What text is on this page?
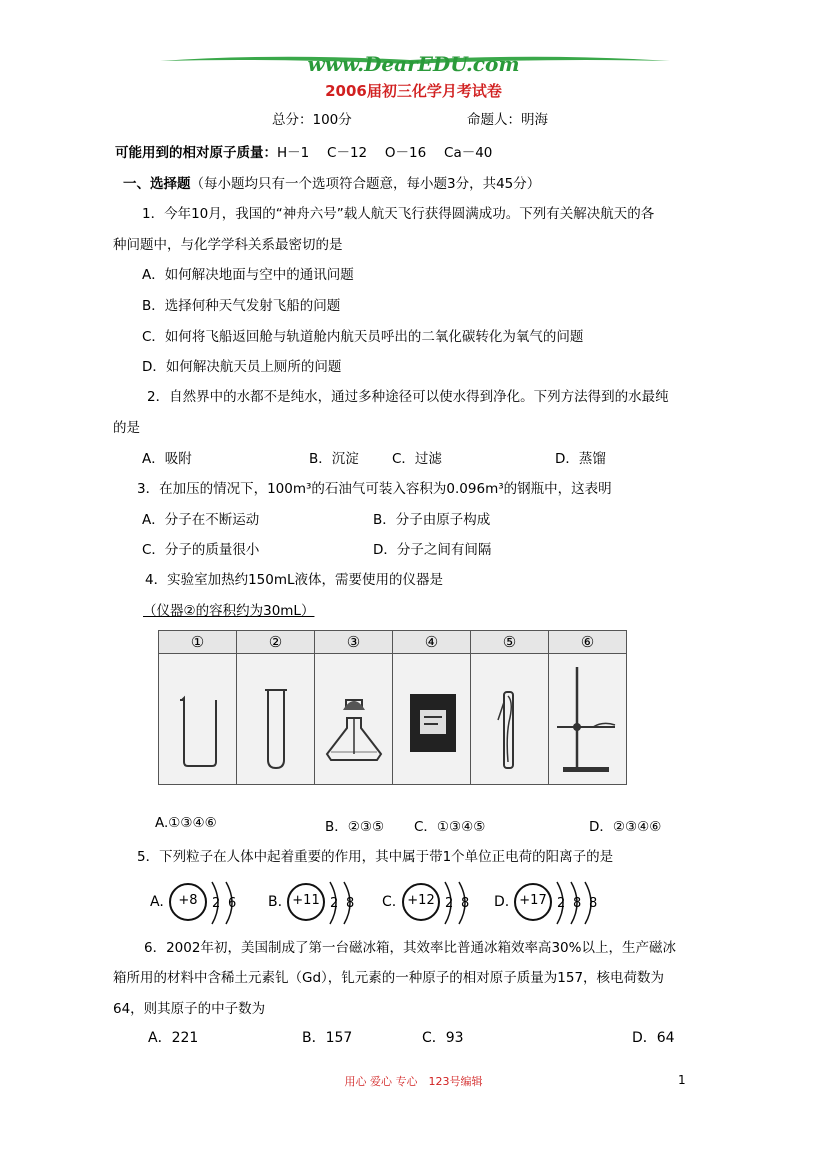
www.DearEDU.com
2006届初三化学月考试卷
总分：100分	命题人：明海
可能用到的相对原子质量：H－1　 C－12　 O－16　 Ca－40
一、选择题（每小题均只有一个选项符合题意，每小题3分，共45分）
1．今年10月，我国的“神舟六号”载人航天飞行获得圆满成功。下列有关解决航天的各
种问题中，与化学学科关系最密切的是
A．如何解决地面与空中的通讯问题
B．选择何种天气发射飞船的问题
C．如何将飞船返回舱与轨道舱内航天员呼出的二氧化碳转化为氧气的问题
D．如何解决航天员上厕所的问题
2．自然界中的水都不是纯水，通过多种途径可以使水得到净化。下列方法得到的水最纯
的是
A．吸附	B．沉淀 C．过滤	D．蒸馏
3．在加压的情况下，100m³的石油气可装入容积为0.096m³的钢瓶中，这表明
A．分子在不断运动	B．分子由原子构成
C．分子的质量很小	D．分子之间有间隔
4．实验室加热约150mL液体，需要使用的仪器是
（仪器②的容积约为30mL）
①	②	③	④	⑤	⑥

A.①③④⑥	B．②③⑤ C．①③④⑤	D．②③④⑥
5．下列粒子在人体中起着重要的作用，其中属于带1个单位正电荷的阳离子的是
A.	+8	2 6 B. +11 2 8 C. +12 2 8 D. +17 2 8 8
6．2002年初，美国制成了第一台磁冰箱，其效率比普通冰箱效率高30%以上，生产磁冰
箱所用的材料中含稀土元素钆（Gd），钆元素的一种原子的相对原子质量为157，核电荷数为
64，则其原子的中子数为
A．221	B．157	C．93	D．64
用心 爱心 专心　123号编辑	1
